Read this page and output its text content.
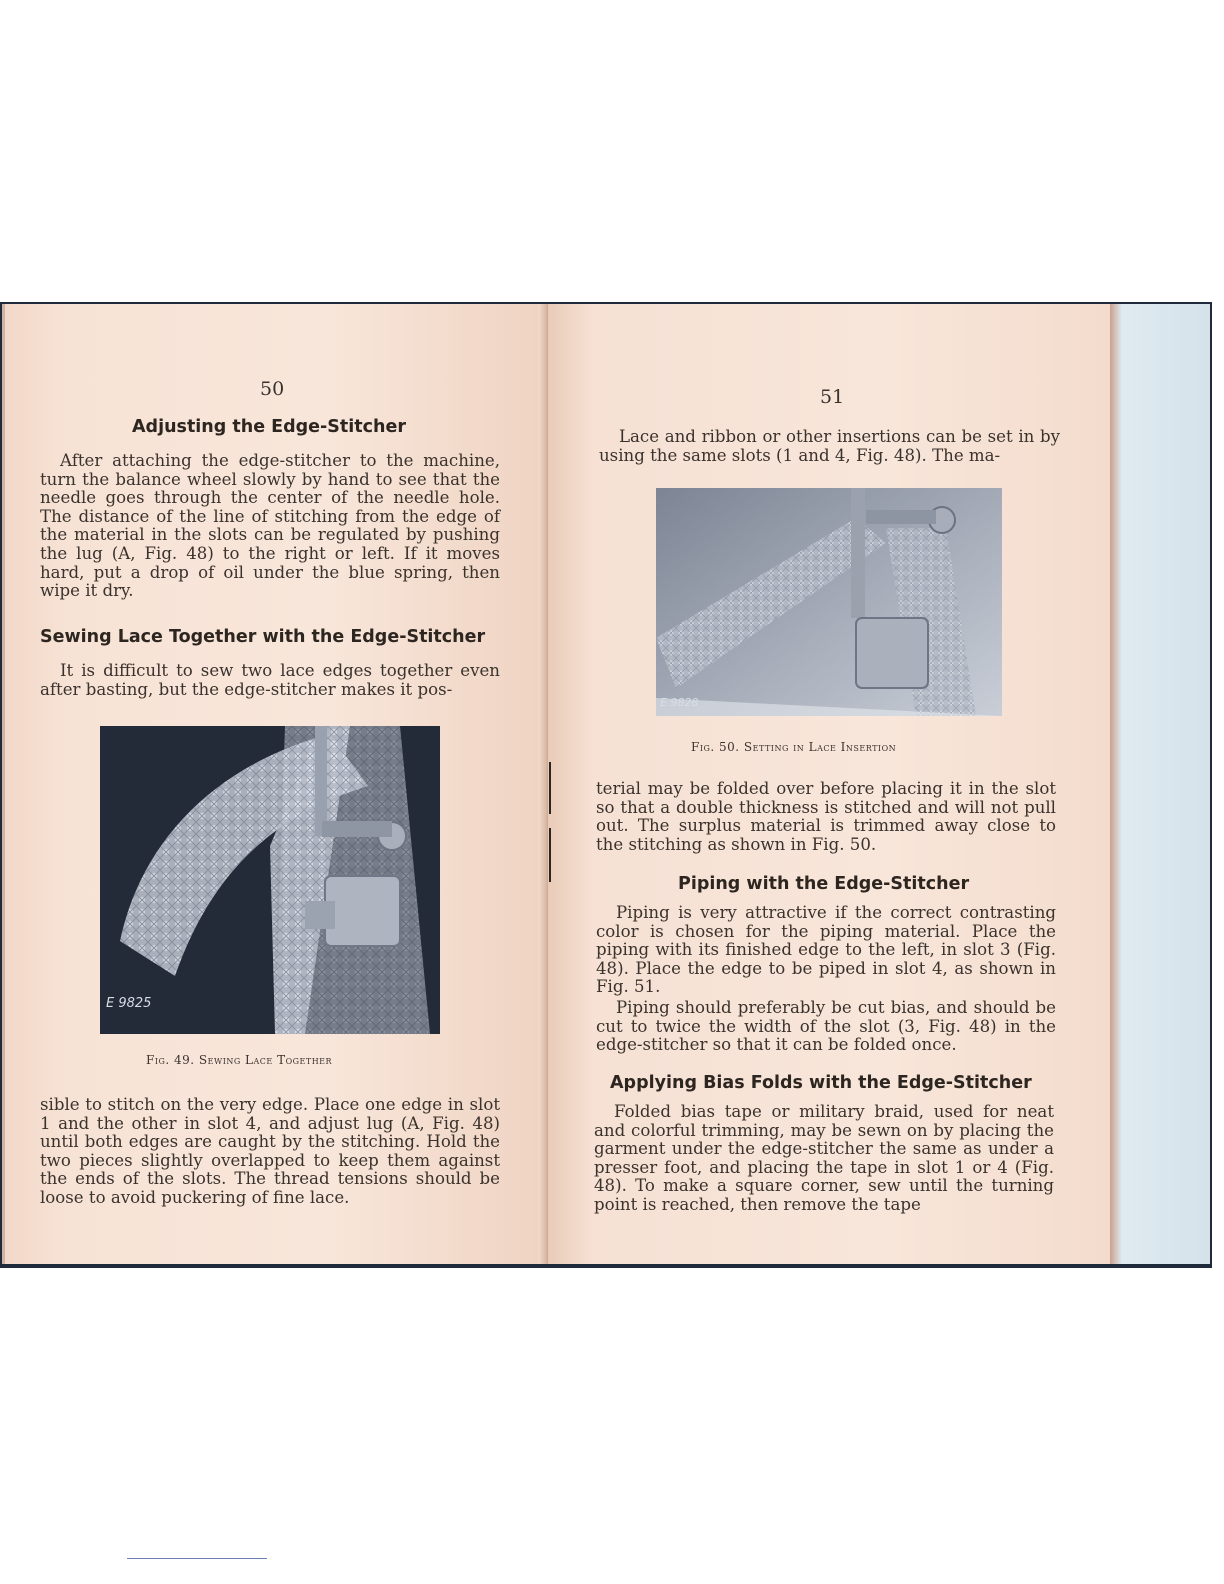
50
Adjusting the Edge-Stitcher

After attaching the edge-stitcher to the machine, turn the balance wheel slowly by hand to see that the needle goes through the center of the needle hole. The distance of the line of stitching from the edge of the material in the slots can be regulated by pushing the lug (A, Fig. 48) to the right or left. If it moves hard, put a drop of oil under the blue spring, then wipe it dry.

Sewing Lace Together with the Edge-Stitcher

It is difficult to sew two lace edges together even after basting, but the edge-stitcher makes it pos-

E 9825
Fig. 49. Sewing Lace Together

sible to stitch on the very edge. Place one edge in slot 1 and the other in slot 4, and adjust lug (A, Fig. 48) until both edges are caught by the stitching. Hold the two pieces slightly overlapped to keep them against the ends of the slots. The thread tensions should be loose to avoid puckering of fine lace.

51

Lace and ribbon or other insertions can be set in by using the same slots (1 and 4, Fig. 48). The ma-

E 9828
Fig. 50. Setting in Lace Insertion

terial may be folded over before placing it in the slot so that a double thickness is stitched and will not pull out. The surplus material is trimmed away close to the stitching as shown in Fig. 50.

Piping with the Edge-Stitcher

Piping is very attractive if the correct contrasting color is chosen for the piping material. Place the piping with its finished edge to the left, in slot 3 (Fig. 48). Place the edge to be piped in slot 4, as shown in Fig. 51.

Piping should preferably be cut bias, and should be cut to twice the width of the slot (3, Fig. 48) in the edge-stitcher so that it can be folded once.

Applying Bias Folds with the Edge-Stitcher

Folded bias tape or military braid, used for neat and colorful trimming, may be sewn on by placing the garment under the edge-stitcher the same as under a presser foot, and placing the tape in slot 1 or 4 (Fig. 48). To make a square corner, sew until the turning point is reached, then remove the tape
